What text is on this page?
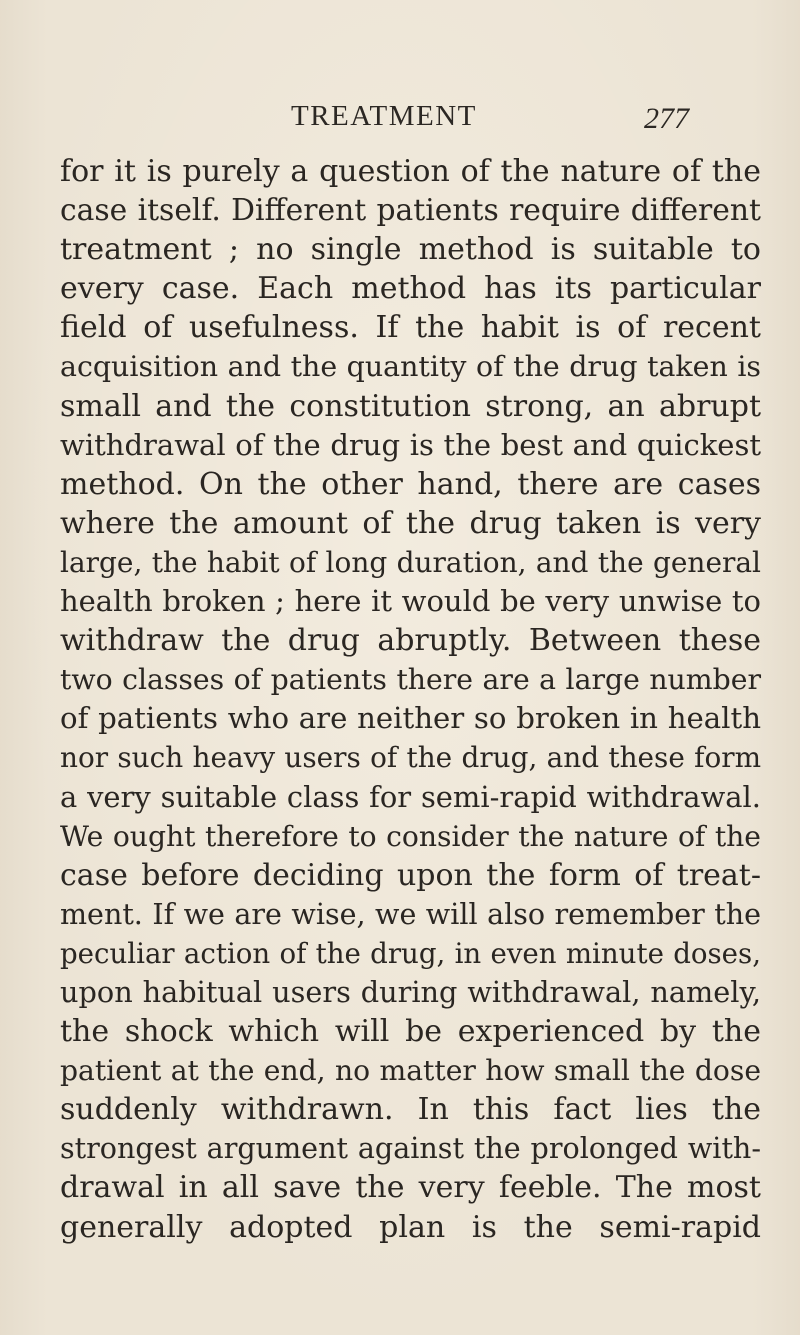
TREATMENT	277
for it is purely a question of the nature of the
case itself. Different patients require different
treatment ; no single method is suitable to
every case. Each method has its particular
field of usefulness. If the habit is of recent
acquisition and the quantity of the drug taken is
small and the constitution strong, an abrupt
withdrawal of the drug is the best and quickest
method. On the other hand, there are cases
where the amount of the drug taken is very
large, the habit of long duration, and the general
health broken ; here it would be very unwise to
withdraw the drug abruptly. Between these
two classes of patients there are a large number
of patients who are neither so broken in health
nor such heavy users of the drug, and these form
a very suitable class for semi-rapid withdrawal.
We ought therefore to consider the nature of the
case before deciding upon the form of treat-
ment. If we are wise, we will also remember the
peculiar action of the drug, in even minute doses,
upon habitual users during withdrawal, namely,
the shock which will be experienced by the
patient at the end, no matter how small the dose
suddenly withdrawn. In this fact lies the
strongest argument against the prolonged with-
drawal in all save the very feeble. The most
generally adopted plan is the semi-rapid
